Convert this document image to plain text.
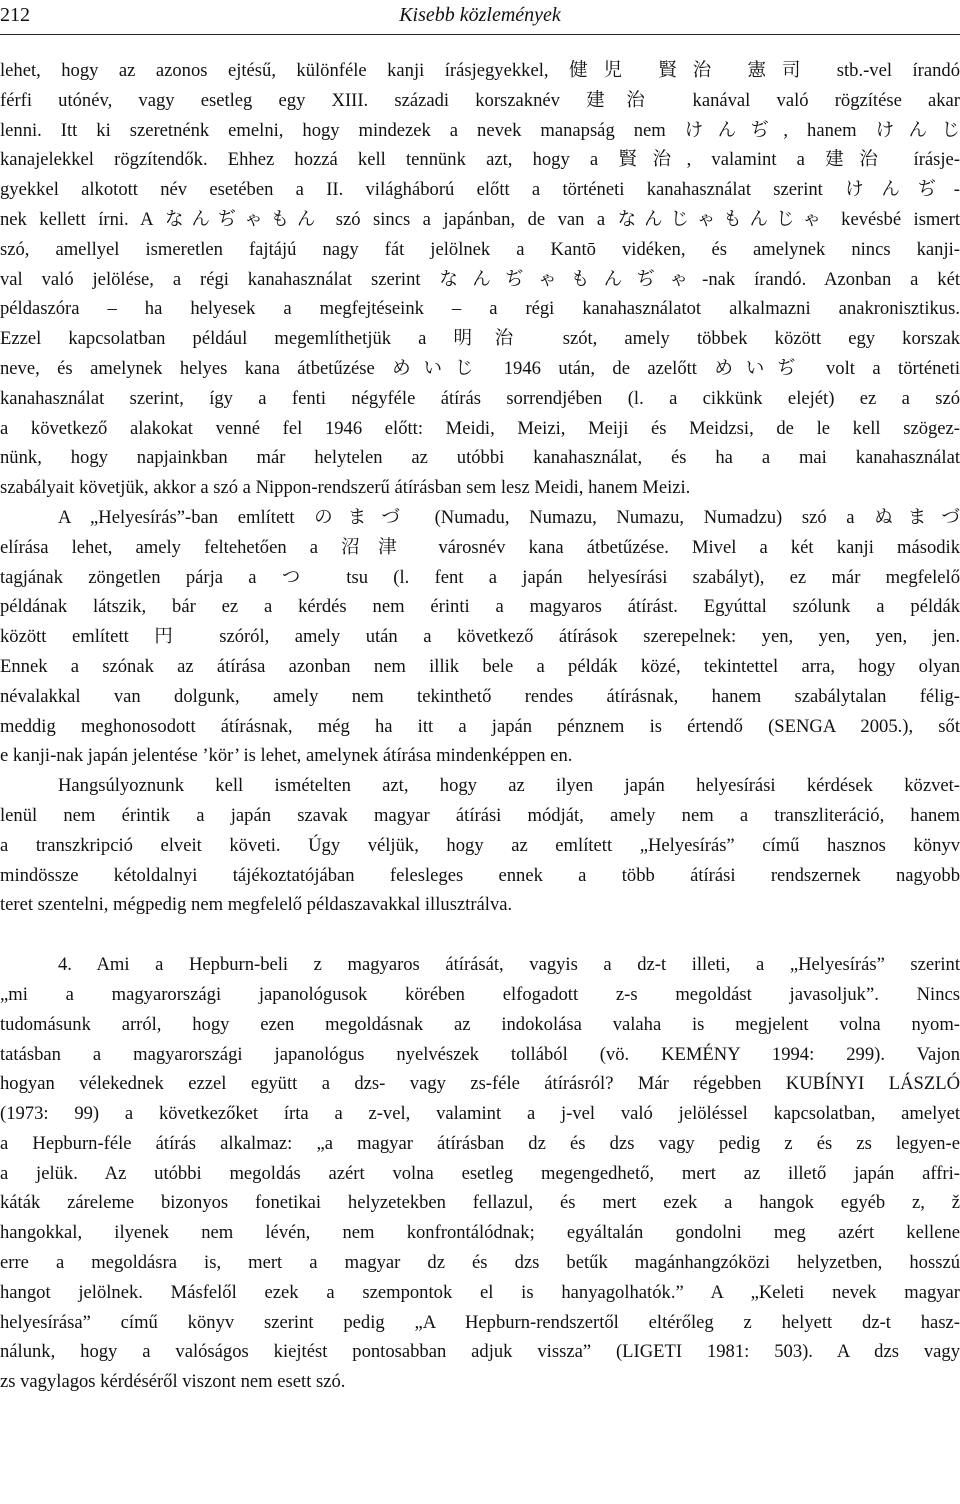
212	Kisebb közlemények
lehet, hogy az azonos ejtésű, különféle kanji írásjegyekkel, 健児 賢治 憲司 stb.-vel írandó
férfi utónév, vagy esetleg egy XIII. századi korszaknév 建治 kanával való rögzítése akar
lenni. Itt ki szeretnénk emelni, hogy mindezek a nevek manapság nem けんぢ, hanem けんじ
kanajelekkel rögzítendők. Ehhez hozzá kell tennünk azt, hogy a 賢治, valamint a 建治 írásje-
gyekkel alkotott név esetében a II. világháború előtt a történeti kanahasználat szerint けんぢ-
nek kellett írni. A なんぢゃもん szó sincs a japánban, de van a なんじゃもんじゃ kevésbé ismert
szó, amellyel ismeretlen fajtájú nagy fát jelölnek a Kantō vidéken, és amelynek nincs kanji-
val való jelölése, a régi kanahasználat szerint なんぢゃもんぢゃ-nak írandó. Azonban a két
példaszóra – ha helyesek a megfejtéseink – a régi kanahasználatot alkalmazni anakronisztikus.
Ezzel kapcsolatban például megemlíthetjük a 明治 szót, amely többek között egy korszak
neve, és amelynek helyes kana átbetűzése めいじ 1946 után, de azelőtt めいぢ volt a történeti
kanahasználat szerint, így a fenti négyféle átírás sorrendjében (l. a cikkünk elejét) ez a szó
a következő alakokat venné fel 1946 előtt: Meidi, Meizi, Meiji és Meidzsi, de le kell szögez-
nünk, hogy napjainkban már helytelen az utóbbi kanahasználat, és ha a mai kanahasználat
szabályait követjük, akkor a szó a Nippon-rendszerű átírásban sem lesz Meidi, hanem Meizi.
A „Helyesírás”-ban említett のまづ (Numadu, Numazu, Numazu, Numadzu) szó a ぬまづ
elírása lehet, amely feltehetően a 沼津 városnév kana átbetűzése. Mivel a két kanji második
tagjának zöngetlen párja a つ tsu (l. fent a japán helyesírási szabályt), ez már megfelelő
példának látszik, bár ez a kérdés nem érinti a magyaros átírást. Egyúttal szólunk a példák
között említett 円 szóról, amely után a következő átírások szerepelnek: yen, yen, yen, jen.
Ennek a szónak az átírása azonban nem illik bele a példák közé, tekintettel arra, hogy olyan
névalakkal van dolgunk, amely nem tekinthető rendes átírásnak, hanem szabálytalan félig-
meddig meghonosodott átírásnak, még ha itt a japán pénznem is értendő (SENGA 2005.), sőt
e kanji-nak japán jelentése ’kör’ is lehet, amelynek átírása mindenképpen en.
Hangsúlyoznunk kell ismételten azt, hogy az ilyen japán helyesírási kérdések közvet-
lenül nem érintik a japán szavak magyar átírási módját, amely nem a transzliteráció, hanem
a transzkripció elveit követi. Úgy véljük, hogy az említett „Helyesírás” című hasznos könyv
mindössze kétoldalnyi tájékoztatójában felesleges ennek a több átírási rendszernek nagyobb
teret szentelni, mégpedig nem megfelelő példaszavakkal illusztrálva.
4. Ami a Hepburn-beli z magyaros átírását, vagyis a dz-t illeti, a „Helyesírás” szerint
„mi a magyarországi japanológusok körében elfogadott z-s megoldást javasoljuk”. Nincs
tudomásunk arról, hogy ezen megoldásnak az indokolása valaha is megjelent volna nyom-
tatásban a magyarországi japanológus nyelvészek tollából (vö. KEMÉNY 1994: 299). Vajon
hogyan vélekednek ezzel együtt a dzs- vagy zs-féle átírásról? Már régebben KUBÍNYI LÁSZLÓ
(1973: 99) a következőket írta a z-vel, valamint a j-vel való jelöléssel kapcsolatban, amelyet
a Hepburn-féle átírás alkalmaz: „a magyar átírásban dz és dzs vagy pedig z és zs legyen-e
a jelük. Az utóbbi megoldás azért volna esetleg megengedhető, mert az illető japán affri-
káták záreleme bizonyos fonetikai helyzetekben fellazul, és mert ezek a hangok egyéb z, ž
hangokkal, ilyenek nem lévén, nem konfrontálódnak; egyáltalán gondolni meg azért kellene
erre a megoldásra is, mert a magyar dz és dzs betűk magánhangzóközi helyzetben, hosszú
hangot jelölnek. Másfelől ezek a szempontok el is hanyagolhatók.” A „Keleti nevek magyar
helyesírása” című könyv szerint pedig „A Hepburn-rendszertől eltérőleg z helyett dz-t hasz-
nálunk, hogy a valóságos kiejtést pontosabban adjuk vissza” (LIGETI 1981: 503). A dzs vagy
zs vagylagos kérdéséről viszont nem esett szó.
